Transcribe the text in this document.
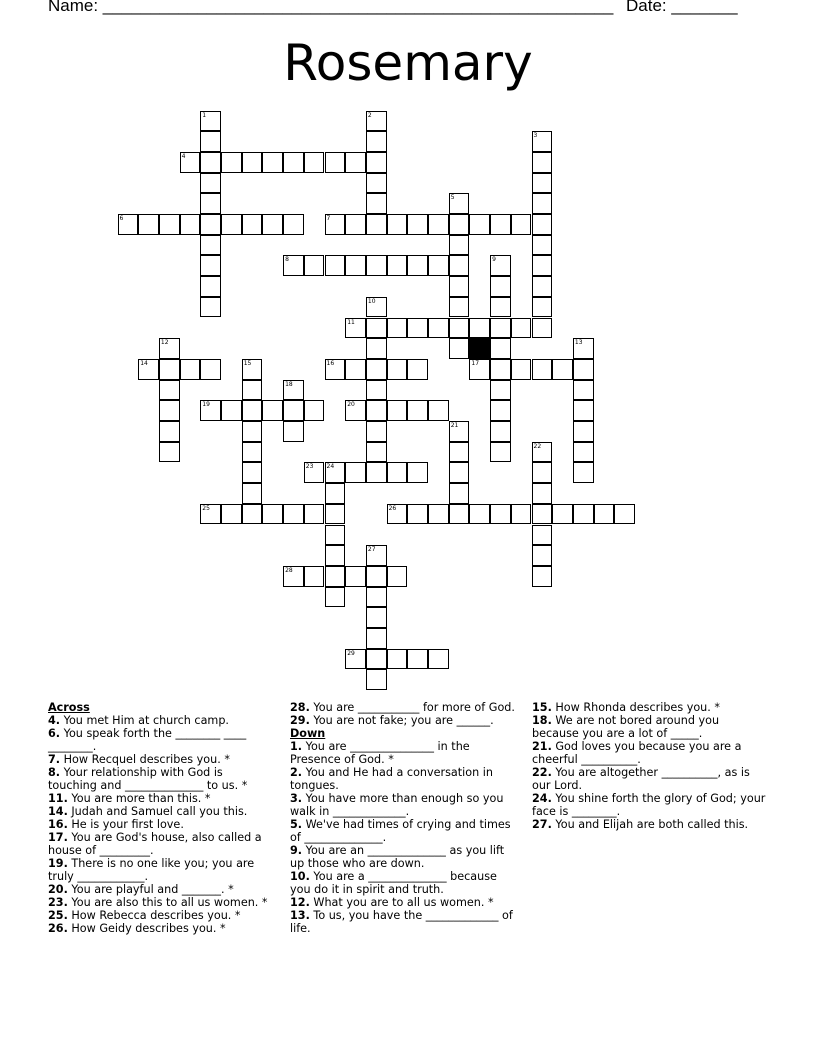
Name: ______________________________________________________ Date: _______
Rosemary
4
6	7
8
11
14	16	17
19	20
23 24
25	26
28
29
1	2
3
5
9
10
12	13
15
18
21
22
27

Across

4. You met Him at church camp.

6. You speak forth the ________ ____ ________.

7. How Recquel describes you. *

8. Your relationship with God is touching and ______________ to us. *

11. You are more than this. *

14. Judah and Samuel call you this.

16. He is your first love.

17. You are God's house, also called a house of _________.

19. There is no one like you; you are truly ____________.

20. You are playful and _______. *

23. You are also this to all us women. *

25. How Rebecca describes you. *

26. How Geidy describes you. *

28. You are ___________ for more of God.

29. You are not fake; you are ______.

Down

1. You are _______________ in the Presence of God. *

2. You and He had a conversation in tongues.

3. You have more than enough so you walk in _____________.

5. We've had times of crying and times of ______________.

9. You are an ______________ as you lift up those who are down.

10. You are a ______________ because you do it in spirit and truth.

12. What you are to all us women. *

13. To us, you have the _____________ of life.

15. How Rhonda describes you. *

18. We are not bored around you because you are a lot of _____.

21. God loves you because you are a cheerful __________.

22. You are altogether __________, as is our Lord.

24. You shine forth the glory of God; your face is ________.

27. You and Elijah are both called this.
